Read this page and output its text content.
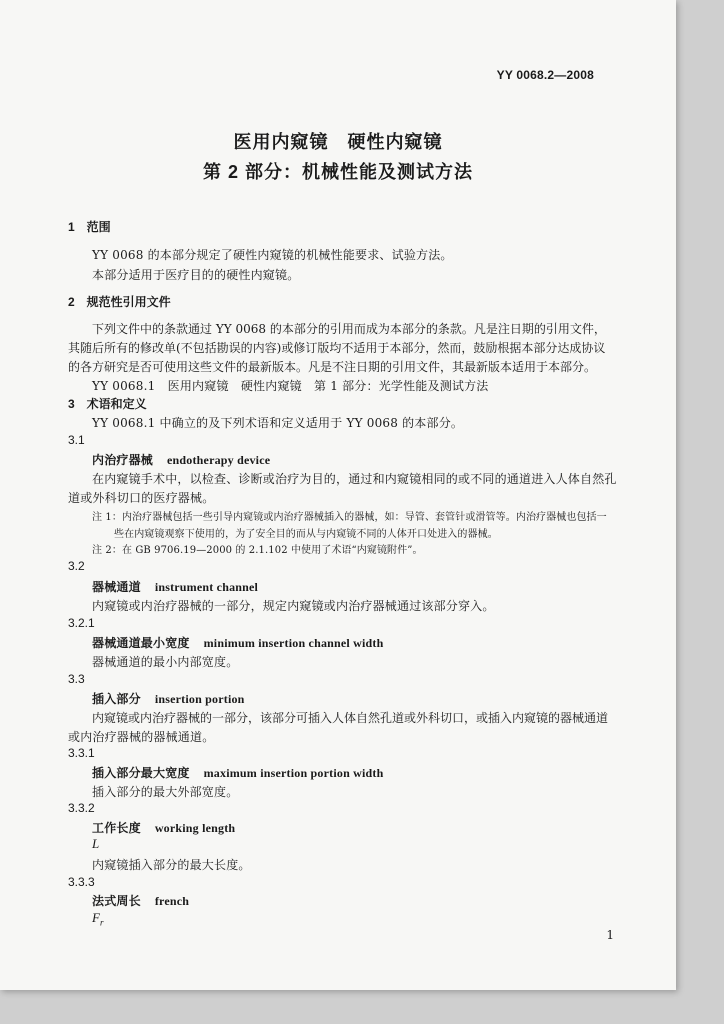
YY 0068.2—2008
医用内窥镜　硬性内窥镜
第 2 部分：机械性能及测试方法
1　范围
YY 0068 的本部分规定了硬性内窥镜的机械性能要求、试验方法。
本部分适用于医疗目的的硬性内窥镜。
2　规范性引用文件
下列文件中的条款通过 YY 0068 的本部分的引用而成为本部分的条款。凡是注日期的引用文件，
其随后所有的修改单(不包括勘误的内容)或修订版均不适用于本部分，然而，鼓励根据本部分达成协议
的各方研究是否可使用这些文件的最新版本。凡是不注日期的引用文件，其最新版本适用于本部分。
YY 0068.1　医用内窥镜　硬性内窥镜　第 1 部分：光学性能及测试方法
3　术语和定义
YY 0068.1 中确立的及下列术语和定义适用于 YY 0068 的本部分。
3.1
内治疗器械 endotherapy device
在内窥镜手术中，以检查、诊断或治疗为目的，通过和内窥镜相同的或不同的通道进入人体自然孔
道或外科切口的医疗器械。
注 1：内治疗器械包括一些引导内窥镜或内治疗器械插入的器械，如：导管、套管针或滑管等。内治疗器械也包括一
些在内窥镜观察下使用的，为了安全目的而从与内窥镜不同的人体开口处进入的器械。
注 2：在 GB 9706.19—2000 的 2.1.102 中使用了术语“内窥镜附件”。
3.2
器械通道 instrument channel
内窥镜或内治疗器械的一部分，规定内窥镜或内治疗器械通过该部分穿入。
3.2.1
器械通道最小宽度 minimum insertion channel width
器械通道的最小内部宽度。
3.3
插入部分 insertion portion
内窥镜或内治疗器械的一部分，该部分可插入人体自然孔道或外科切口，或插入内窥镜的器械通道
或内治疗器械的器械通道。
3.3.1
插入部分最大宽度 maximum insertion portion width
插入部分的最大外部宽度。
3.3.2
工作长度 working length
L
内窥镜插入部分的最大长度。
3.3.3
法式周长 french
$F_r$
1
